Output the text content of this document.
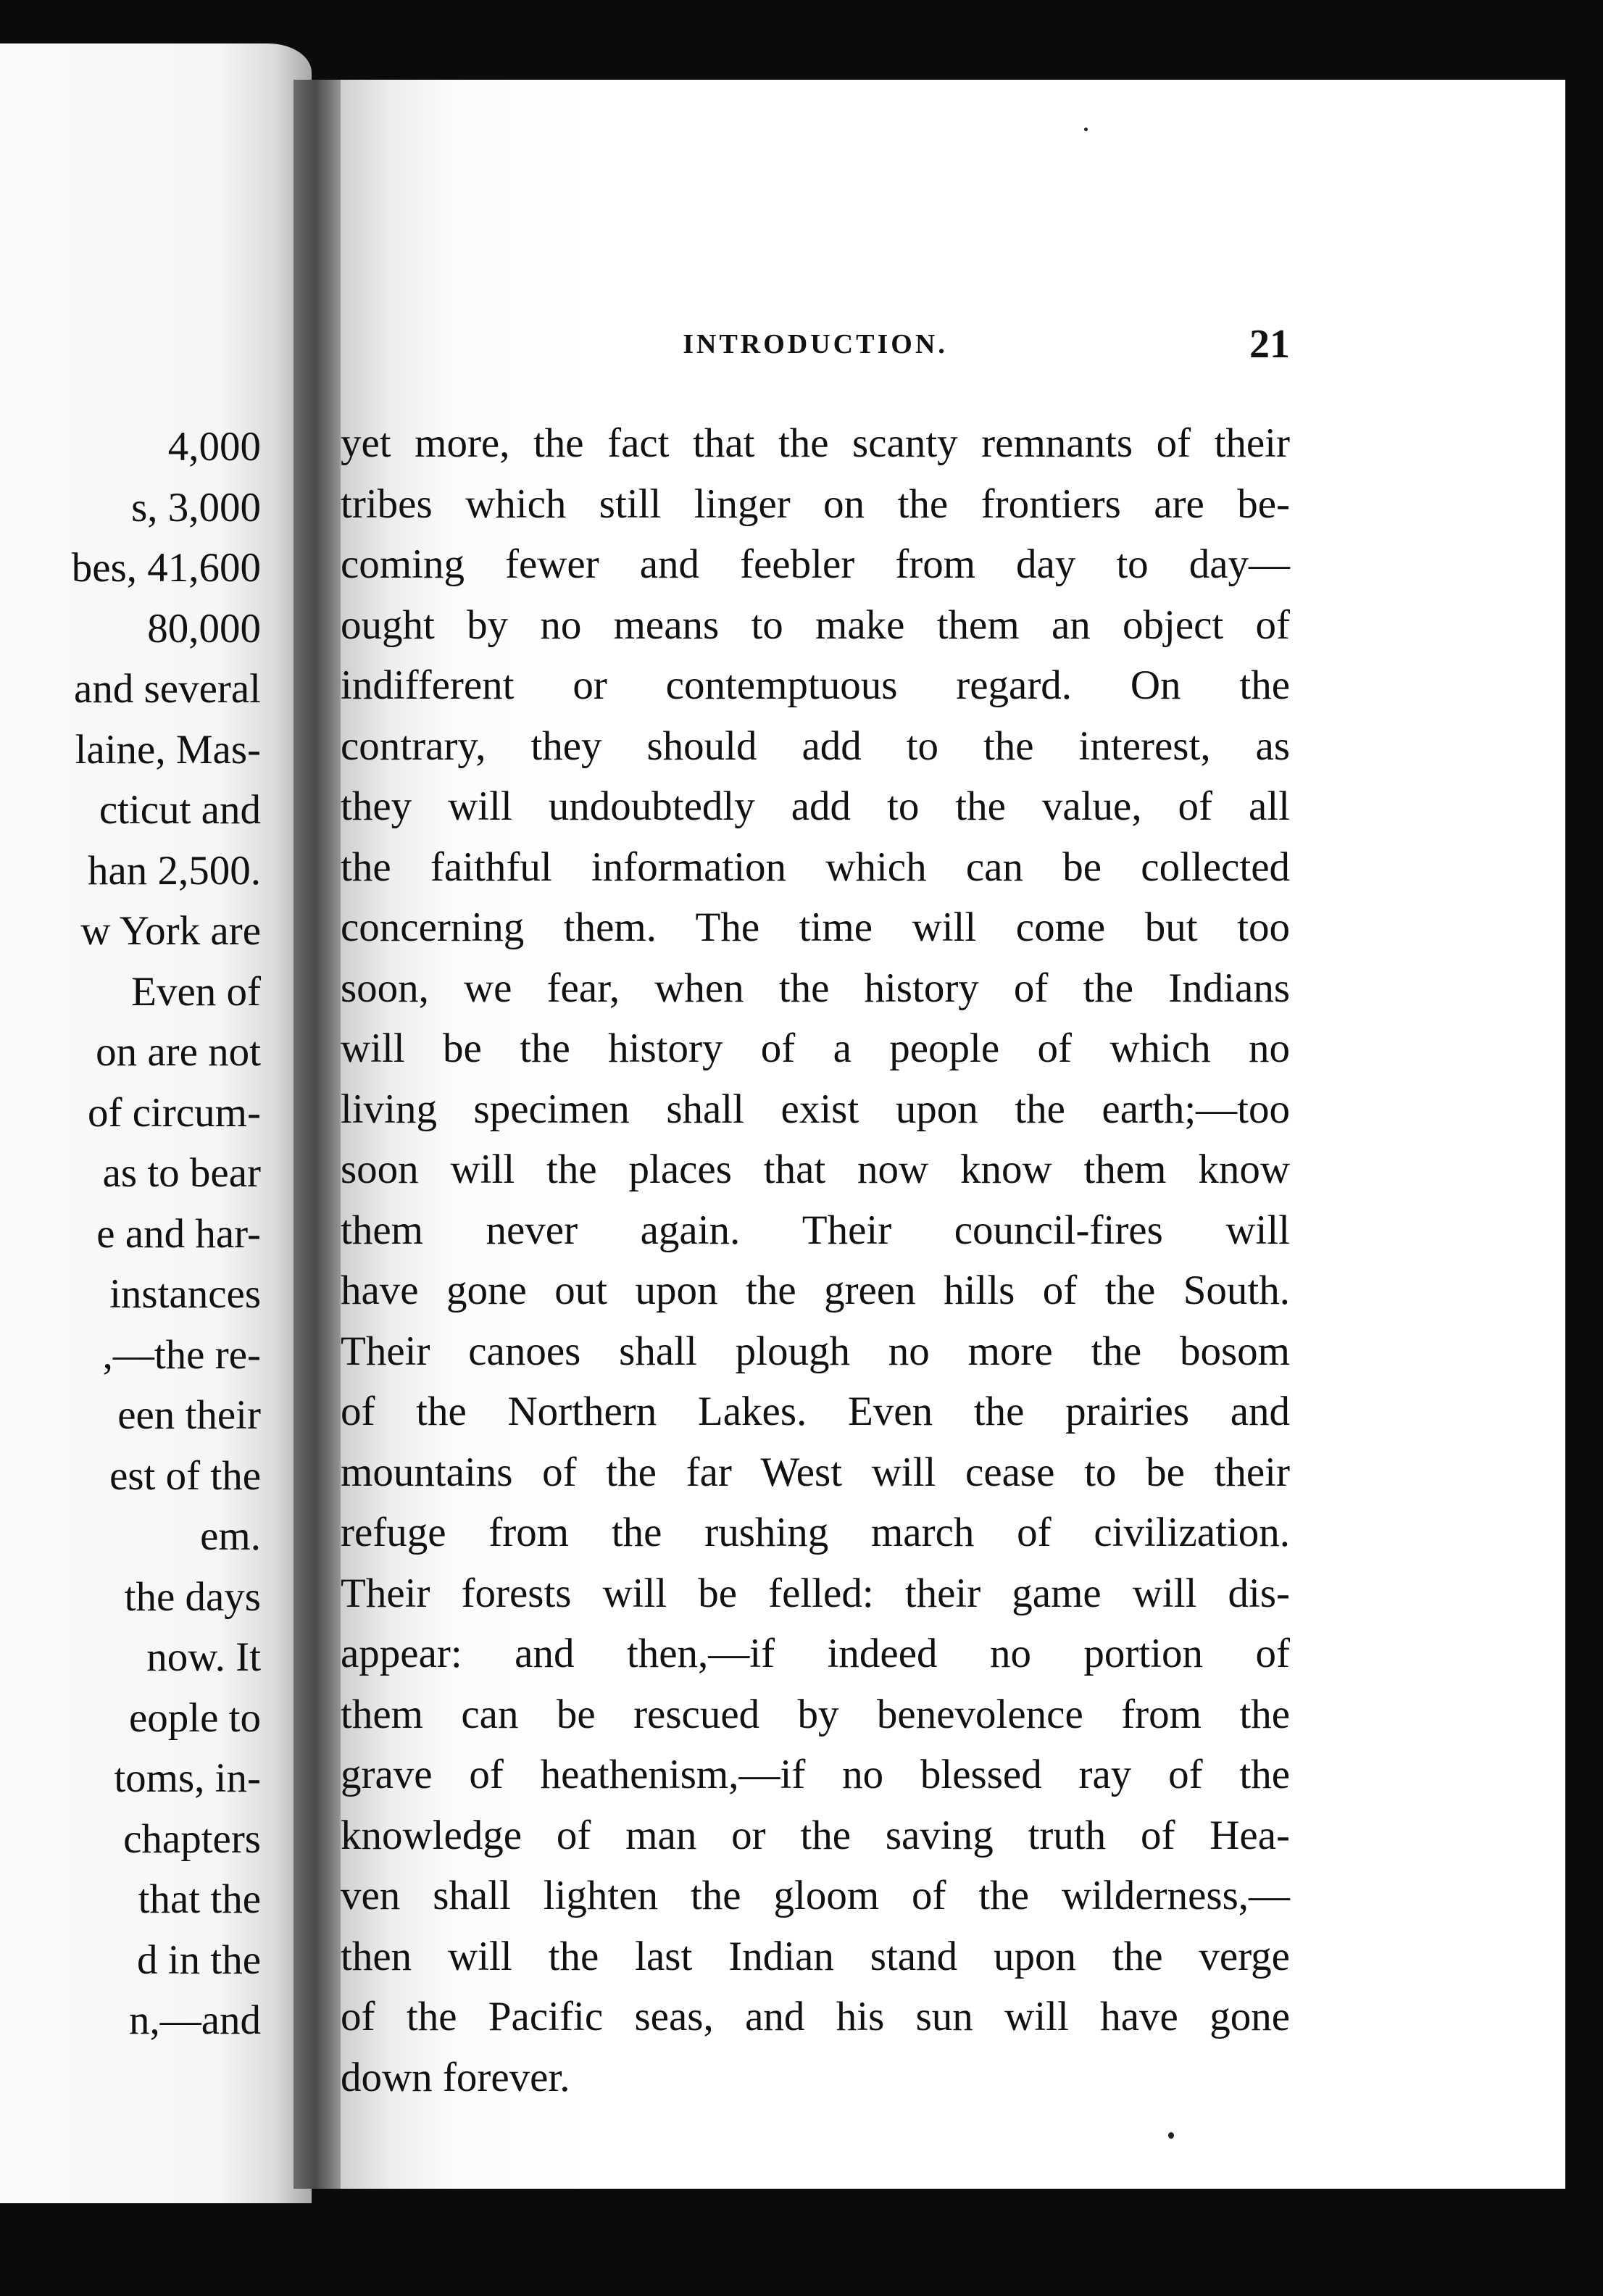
4,000
s, 3,000
bes, 41,600
80,000
and several
laine, Mas-
cticut and
han 2,500.
w York are
Even of
on are not
of circum-
as to bear
e and har-
instances
,—the re-
een their
est of the
em.
the days
now. It
eople to
toms, in-
chapters
that the
d in the
n,—and
INTRODUCTION.	21
yet more, the fact that the scanty remnants of their
tribes which still linger on the frontiers are be-
coming fewer and feebler from day to day—
ought by no means to make them an object of
indifferent or contemptuous regard. On the
contrary, they should add to the interest, as
they will undoubtedly add to the value, of all
the faithful information which can be collected
concerning them. The time will come but too
soon, we fear, when the history of the Indians
will be the history of a people of which no
living specimen shall exist upon the earth;—too
soon will the places that now know them know
them never again. Their council-fires will
have gone out upon the green hills of the South.
Their canoes shall plough no more the bosom
of the Northern Lakes. Even the prairies and
mountains of the far West will cease to be their
refuge from the rushing march of civilization.
Their forests will be felled: their game will dis-
appear: and then,—if indeed no portion of
them can be rescued by benevolence from the
grave of heathenism,—if no blessed ray of the
knowledge of man or the saving truth of Hea-
ven shall lighten the gloom of the wilderness,—
then will the last Indian stand upon the verge
of the Pacific seas, and his sun will have gone
down forever.
